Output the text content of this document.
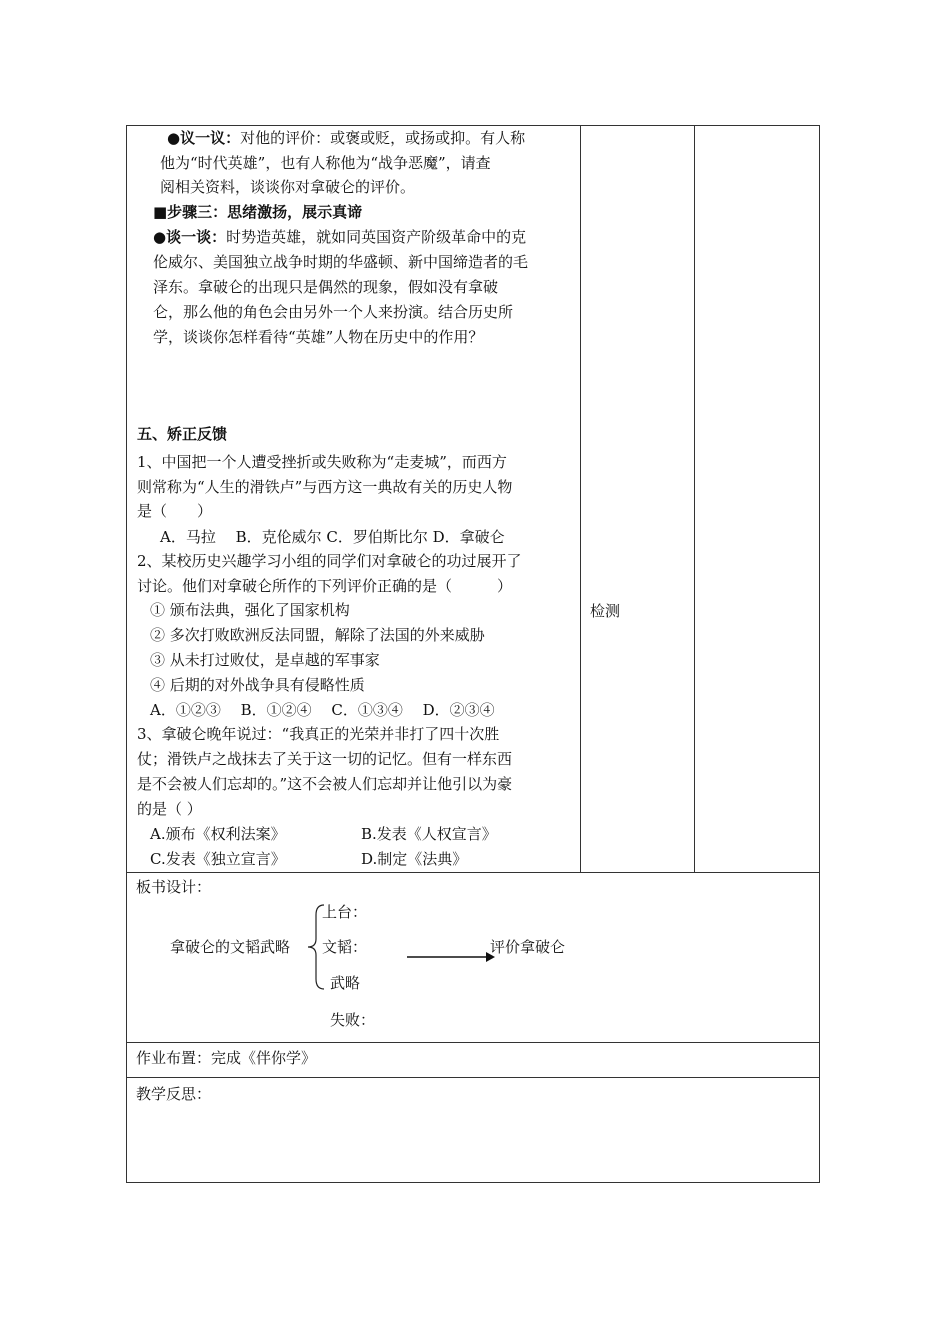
●议一议：对他的评价：或褒或贬，或扬或抑。有人称
他为“时代英雄”，也有人称他为“战争恶魔”，请查
阅相关资料，谈谈你对拿破仑的评价。
■步骤三：思绪激扬，展示真谛
●谈一谈：时势造英雄，就如同英国资产阶级革命中的克
伦威尔、美国独立战争时期的华盛顿、新中国缔造者的毛
泽东。拿破仑的出现只是偶然的现象，假如没有拿破
仑，那么他的角色会由另外一个人来扮演。结合历史所
学，谈谈你怎样看待“英雄”人物在历史中的作用？
五、矫正反馈
1、中国把一个人遭受挫折或失败称为“走麦城”，而西方
则常称为“人生的滑铁卢”与西方这一典故有关的历史人物
是（　　）
A．马拉　 B．克伦威尔 C．罗伯斯比尔 D．拿破仑
2、某校历史兴趣学习小组的同学们对拿破仑的功过展开了
讨论。他们对拿破仑所作的下列评价正确的是（　　　）
① 颁布法典，强化了国家机构
② 多次打败欧洲反法同盟，解除了法国的外来威胁
③ 从未打过败仗，是卓越的军事家
④ 后期的对外战争具有侵略性质
A．①②③　 B．①②④　 C．①③④　 D．②③④
3、拿破仑晚年说过：“我真正的光荣并非打了四十次胜
仗；滑铁卢之战抹去了关于这一切的记忆。但有一样东西
是不会被人们忘却的。”这不会被人们忘却并让他引以为豪
的是（ ）
A.颁布《权利法案》	B.发表《人权宣言》
C.发表《独立宣言》	D.制定《法典》
检测
板书设计：
拿破仑的文韬武略
上台：
文韬：
武略
失败：
评价拿破仑
作业布置：完成《伴你学》
教学反思：
